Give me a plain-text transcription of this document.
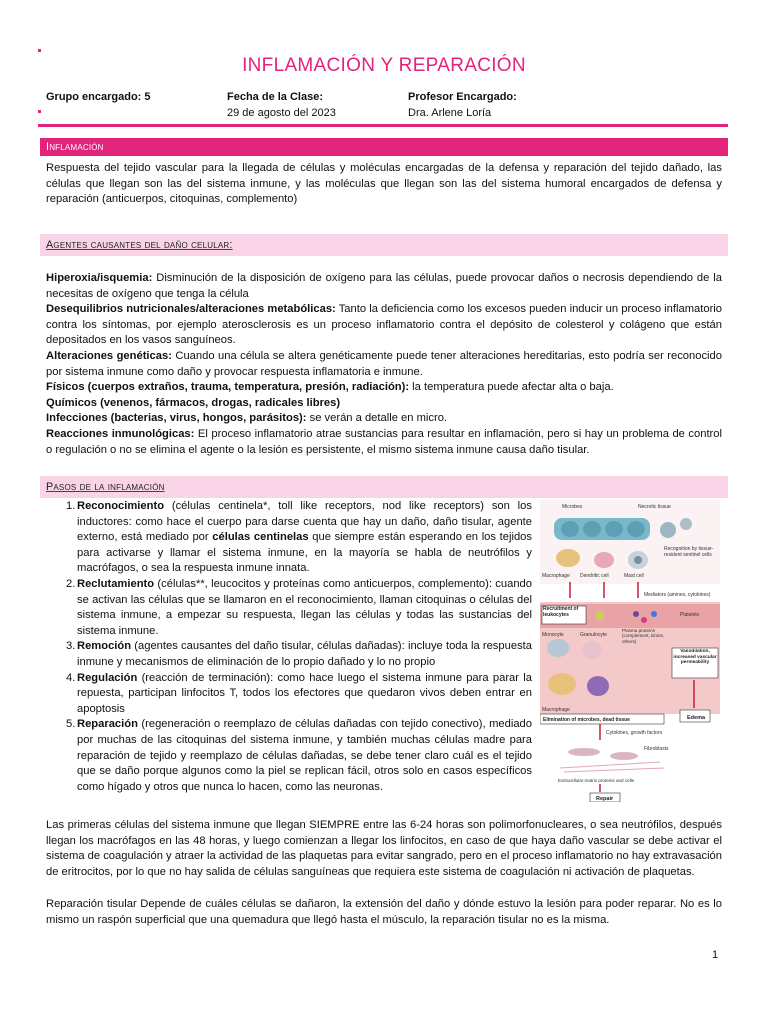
INFLAMACIÓN Y REPARACIÓN
Grupo encargado: 5	Fecha de la Clase:
29 de agosto del 2023
Profesor Encargado:
Dra. Arlene Loría
Inflamación
Respuesta del tejido vascular para la llegada de células y moléculas encargadas de la defensa y reparación del tejido dañado, las células que llegan son las del sistema inmune, y las moléculas que llegan son las del sistema humoral encargados de defensa y reparación (anticuerpos, citoquinas, complemento)
Agentes causantes del daño celular:
Hiperoxia/isquemia: Disminución de la disposición de oxígeno para las células, puede provocar daños o necrosis dependiendo de la necesitas de oxígeno que tenga la célula
Desequilibrios nutricionales/alteraciones metabólicas: Tanto la deficiencia como los excesos pueden inducir un proceso inflamatorio contra los síntomas, por ejemplo aterosclerosis es un proceso inflamatorio contra el depósito de colesterol y colágeno que están depositados en los vasos sanguíneos.
Alteraciones genéticas: Cuando una célula se altera genéticamente puede tener alteraciones hereditarias, esto podría ser reconocido por sistema inmune como daño y provocar respuesta inflamatoria e inmune.
Físicos (cuerpos extraños, trauma, temperatura, presión, radiación): la temperatura puede afectar alta o baja.
Químicos (venenos, fármacos, drogas, radicales libres)
Infecciones (bacterias, virus, hongos, parásitos): se verán a detalle en micro.
Reacciones inmunológicas: El proceso inflamatorio atrae sustancias para resultar en inflamación, pero si hay un problema de control o regulación o no se elimina el agente o la lesión es persistente, el mismo sistema inmune causa daño tisular.
Pasos de la inflamación
1. Reconocimiento (células centinela*, toll like receptors, nod like receptors) son los inductores: como hace el cuerpo para darse cuenta que hay un daño, daño tisular, agente externo, está mediado por células centinelas que siempre están esperando en los tejidos para activarse y llamar el sistema inmune, en la mayoría se habla de neutrófilos y macrófagos, o sea la respuesta inmune innata.
2. Reclutamiento (células**, leucocitos y proteínas como anticuerpos, complemento): cuando se activan las células que se llamaron en el reconocimiento, llaman citoquinas o células del sistema inmune, a empezar su respuesta, llegan las células y todas las sustancias del sistema inmune.
3. Remoción (agentes causantes del daño tisular, células dañadas): incluye toda la respuesta inmune y mecanismos de eliminación de lo propio dañado y lo no propio
4. Regulación (reacción de terminación): como hace luego el sistema inmune para parar la repuesta, participan linfocitos T, todos los efectores que quedaron vivos deben entrar en apoptosis
5. Reparación (regeneración o reemplazo de células dañadas con tejido conectivo), mediado por muchas de las citoquinas del sistema inmune, y también muchas células madre para reparación de tejido y reemplazo de células dañadas, se debe tener claro cuál es el tejido que se daño porque algunos como la piel se replican fácil, otros solo en casos específicos como hígado y otros que nunca lo hacen, como las neuronas.
Microbes	Necrotic tissue
Macrophage Dendritic cell	Mast cell
Recognition by tissue-resident sentinel cells
Mediators (amines, cytokines)
Recruitment of leukocytes	Platelets
Monocyte	Granulocyte
Plasma proteins (complement, kinins, others)
Vasodilation, increased vascular permeability
Macrophage
Elimination of microbes, dead tissue	Edema
Cytokines, growth factors
Fibroblasts
Extracellular matrix proteins and cells
Repair
Las primeras células del sistema inmune que llegan SIEMPRE entre las 6-24 horas son polimorfonucleares, o sea neutrófilos, después llegan los macrófagos en las 48 horas, y luego comienzan a llegar los linfocitos, en caso de que haya daño vascular se debe activar el sistema de coagulación y atraer la actividad de las plaquetas para evitar sangrado, pero en el proceso inflamatorio no hay extravasación de eritrocitos, por lo que no hay salida de células sanguíneas que requiera este sistema de coagulación ni activación de plaquetas.
Reparación tisular Depende de cuáles células se dañaron, la extensión del daño y dónde estuvo la lesión para poder reparar. No es lo mismo un raspón superficial que una quemadura que llegó hasta el músculo, la reparación tisular no es la misma.
1
